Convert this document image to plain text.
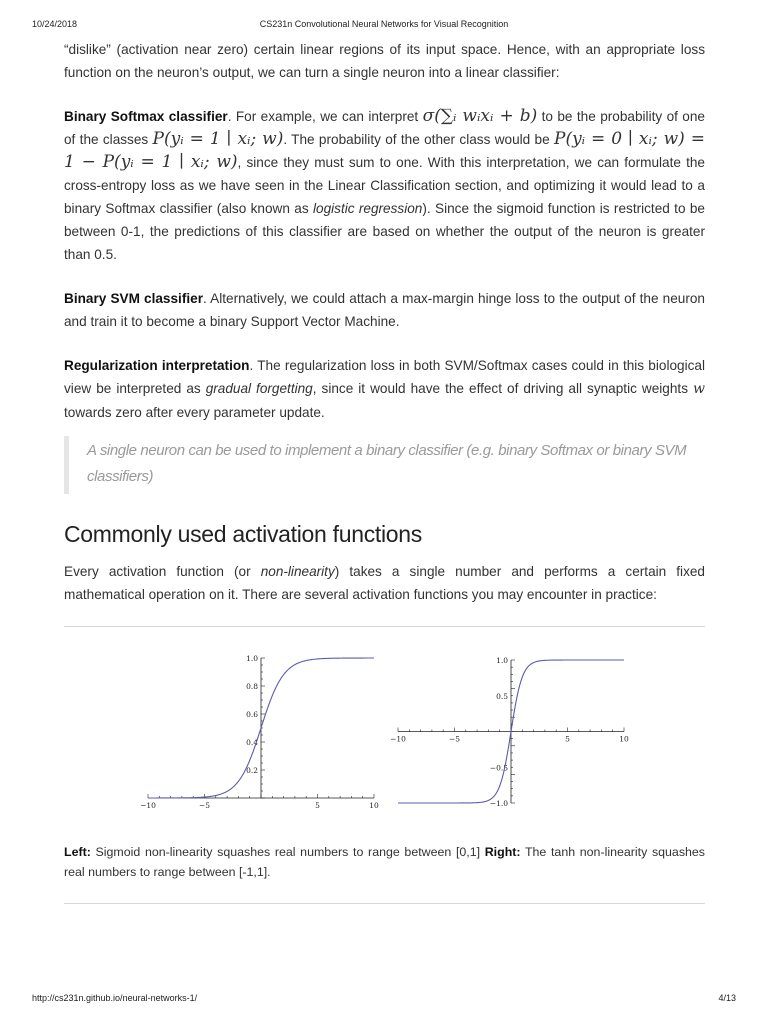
10/24/2018	CS231n Convolutional Neural Networks for Visual Recognition

“dislike” (activation near zero) certain linear regions of its input space. Hence, with an appropriate loss function on the neuron’s output, we can turn a single neuron into a linear classifier:

Binary Softmax classifier. For example, we can interpret σ(∑ᵢ wᵢxᵢ + b) to be the probability of one of the classes P(yᵢ = 1 ∣ xᵢ; w). The probability of the other class would be P(yᵢ = 0 ∣ xᵢ; w) = 1 − P(yᵢ = 1 ∣ xᵢ; w), since they must sum to one. With this interpretation, we can formulate the cross-entropy loss as we have seen in the Linear Classification section, and optimizing it would lead to a binary Softmax classifier (also known as logistic regression). Since the sigmoid function is restricted to be between 0-1, the predictions of this classifier are based on whether the output of the neuron is greater than 0.5.

Binary SVM classifier. Alternatively, we could attach a max-margin hinge loss to the output of the neuron and train it to become a binary Support Vector Machine.

Regularization interpretation. The regularization loss in both SVM/Softmax cases could in this biological view be interpreted as gradual forgetting, since it would have the effect of driving all synaptic weights w towards zero after every parameter update.

A single neuron can be used to implement a binary classifier (e.g. binary Softmax or binary SVM classifiers)
Commonly used activation functions

Every activation function (or non-linearity) takes a single number and performs a certain fixed mathematical operation on it. There are several activation functions you may encounter in practice:

−10	−5	5	10
0.2
0.4
0.6
0.8
1.0
−10	−5	5	10
−1.0
−0.5
0.5
1.0
Left: Sigmoid non-linearity squashes real numbers to range between [0,1] Right: The tanh non-linearity squashes real numbers to range between [-1,1].
http://cs231n.github.io/neural-networks-1/	4/13
